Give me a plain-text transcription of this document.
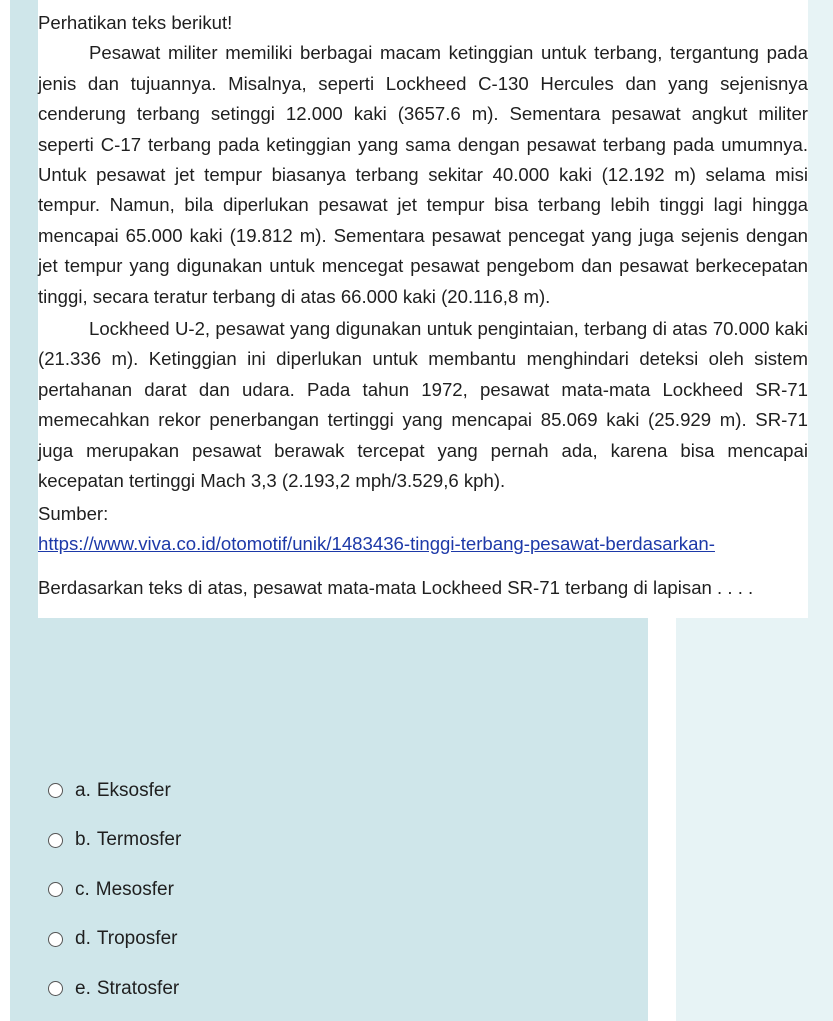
Perhatikan teks berikut!

Pesawat militer memiliki berbagai macam ketinggian untuk terbang, tergantung pada jenis dan tujuannya. Misalnya, seperti Lockheed C-130 Hercules dan yang sejenisnya cenderung terbang setinggi 12.000 kaki (3657.6 m). Sementara pesawat angkut militer seperti C-17 terbang pada ketinggian yang sama dengan pesawat terbang pada umumnya. Untuk pesawat jet tempur biasanya terbang sekitar 40.000 kaki (12.192 m) selama misi tempur. Namun, bila diperlukan pesawat jet tempur bisa terbang lebih tinggi lagi hingga mencapai 65.000 kaki (19.812 m). Sementara pesawat pencegat yang juga sejenis dengan jet tempur yang digunakan untuk mencegat pesawat pengebom dan pesawat berkecepatan tinggi, secara teratur terbang di atas 66.000 kaki (20.116,8 m).

Lockheed U-2, pesawat yang digunakan untuk pengintaian, terbang di atas 70.000 kaki (21.336 m). Ketinggian ini diperlukan untuk membantu menghindari deteksi oleh sistem pertahanan darat dan udara. Pada tahun 1972, pesawat mata-mata Lockheed SR-71 memecahkan rekor penerbangan tertinggi yang mencapai 85.069 kaki (25.929 m). SR-71 juga merupakan pesawat berawak tercepat yang pernah ada, karena bisa mencapai kecepatan tertinggi Mach 3,3 (2.193,2 mph/3.529,6 kph).

Sumber:
https://www.viva.co.id/otomotif/unik/1483436-tinggi-terbang-pesawat-berdasarkan-
Berdasarkan teks di atas, pesawat mata-mata Lockheed SR-71 terbang di lapisan . . . .
a. Eksosfer
b. Termosfer
c. Mesosfer
d. Troposfer
e. Stratosfer
